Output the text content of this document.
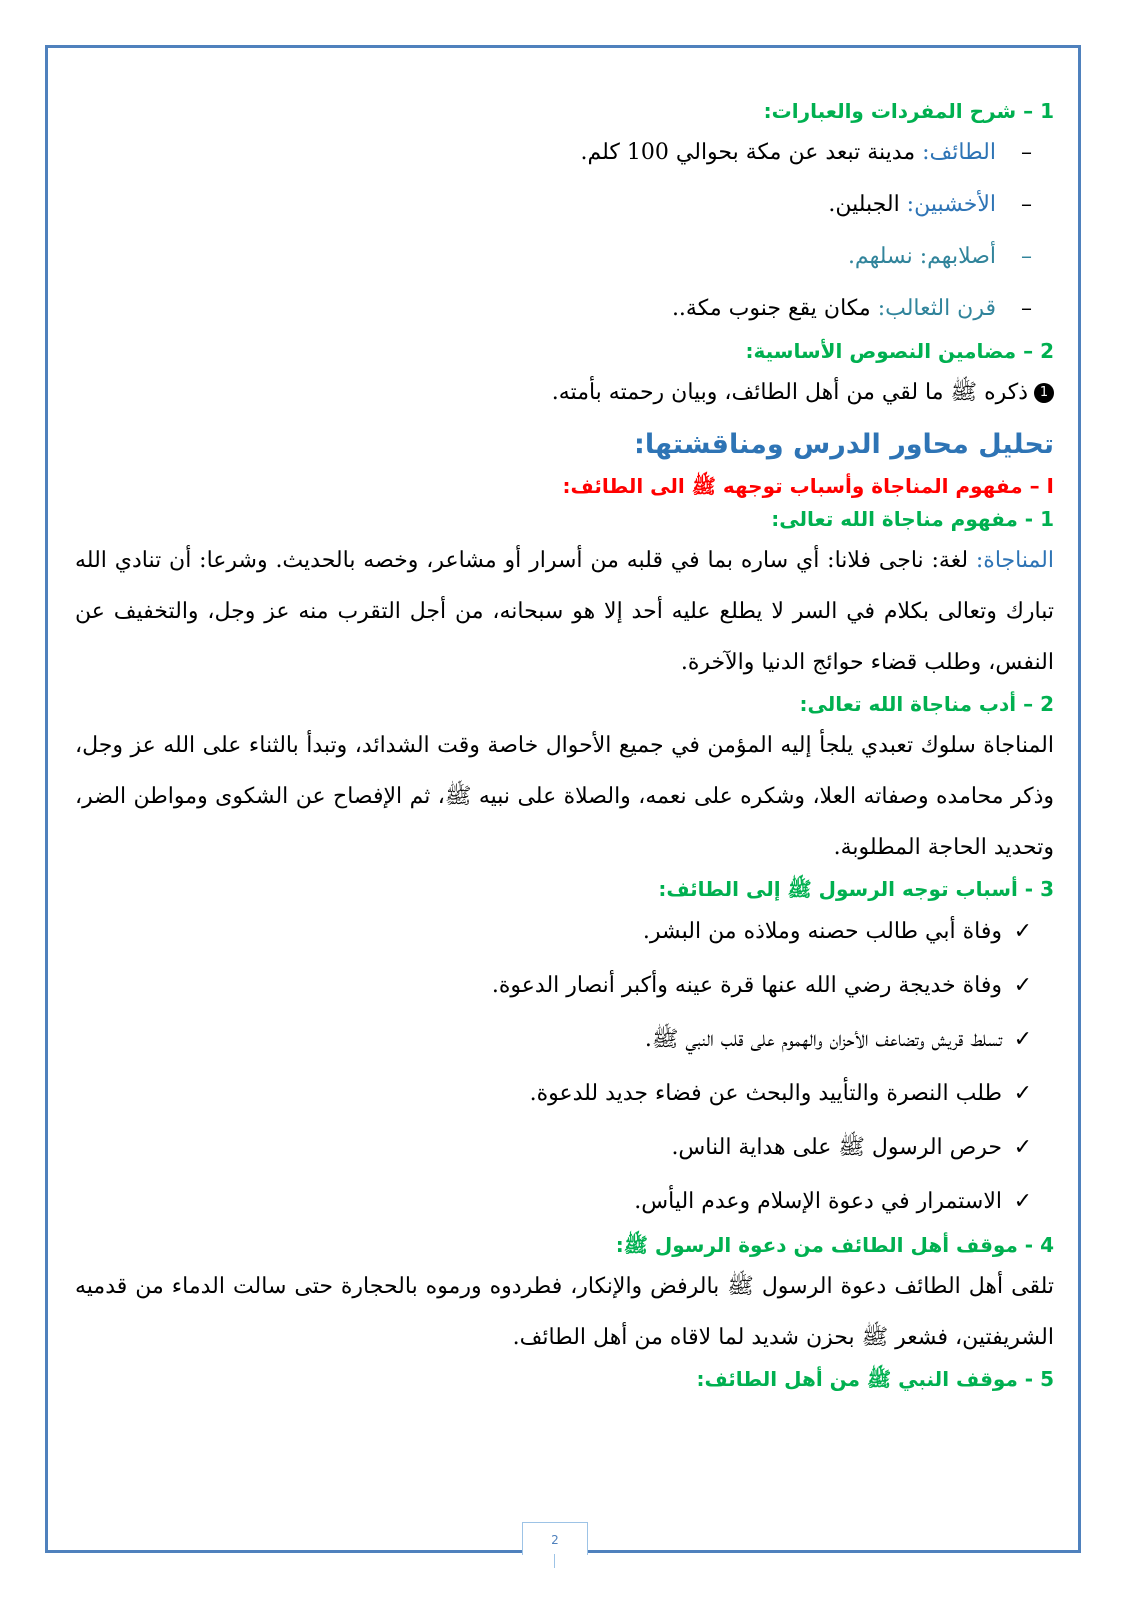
1 – شرح المفردات والعبارات:

–الطائف: مدينة تبعد عن مكة بحوالي 100 كلم.

–الأخشبين: الجبلين.

–أصلابهم: نسلهم.

–قرن الثعالب: مكان يقع جنوب مكة..

2 – مضامين النصوص الأساسية:

1ذكره ﷺ ما لقي من أهل الطائف، وبيان رحمته بأمته.

تحليل محاور الدرس ومناقشتها:

I – مفهوم المناجاة وأسباب توجهه ﷺ الى الطائف:

1 - مفهوم مناجاة الله تعالى:

المناجاة: لغة: ناجى فلانا: أي ساره بما في قلبه من أسرار أو مشاعر، وخصه بالحديث. وشرعا: أن تنادي الله تبارك وتعالى بكلام في السر لا يطلع عليه أحد إلا هو سبحانه، من أجل التقرب منه عز وجل، والتخفيف عن النفس، وطلب قضاء حوائج الدنيا والآخرة.

2 – أدب مناجاة الله تعالى:

المناجاة سلوك تعبدي يلجأ إليه المؤمن في جميع الأحوال خاصة وقت الشدائد، وتبدأ بالثناء على الله عز وجل، وذكر محامده وصفاته العلا، وشكره على نعمه، والصلاة على نبيه ﷺ، ثم الإفصاح عن الشكوى ومواطن الضر، وتحديد الحاجة المطلوبة.

3 - أسباب توجه الرسول ﷺ إلى الطائف:

✓وفاة أبي طالب حصنه وملاذه من البشر.
✓وفاة خديجة رضي الله عنها قرة عينه وأكبر أنصار الدعوة.
✓تسلط قريش وتضاعف الأحزان والهموم على قلب النبي ﷺ.
✓طلب النصرة والتأييد والبحث عن فضاء جديد للدعوة.
✓حرص الرسول ﷺ على هداية الناس.
✓الاستمرار في دعوة الإسلام وعدم اليأس.

4 - موقف أهل الطائف من دعوة الرسول ﷺ:

تلقى أهل الطائف دعوة الرسول ﷺ بالرفض والإنكار، فطردوه ورموه بالحجارة حتى سالت الدماء من قدميه الشريفتين، فشعر ﷺ بحزن شديد لما لاقاه من أهل الطائف.

5 - موقف النبي ﷺ من أهل الطائف:

2
